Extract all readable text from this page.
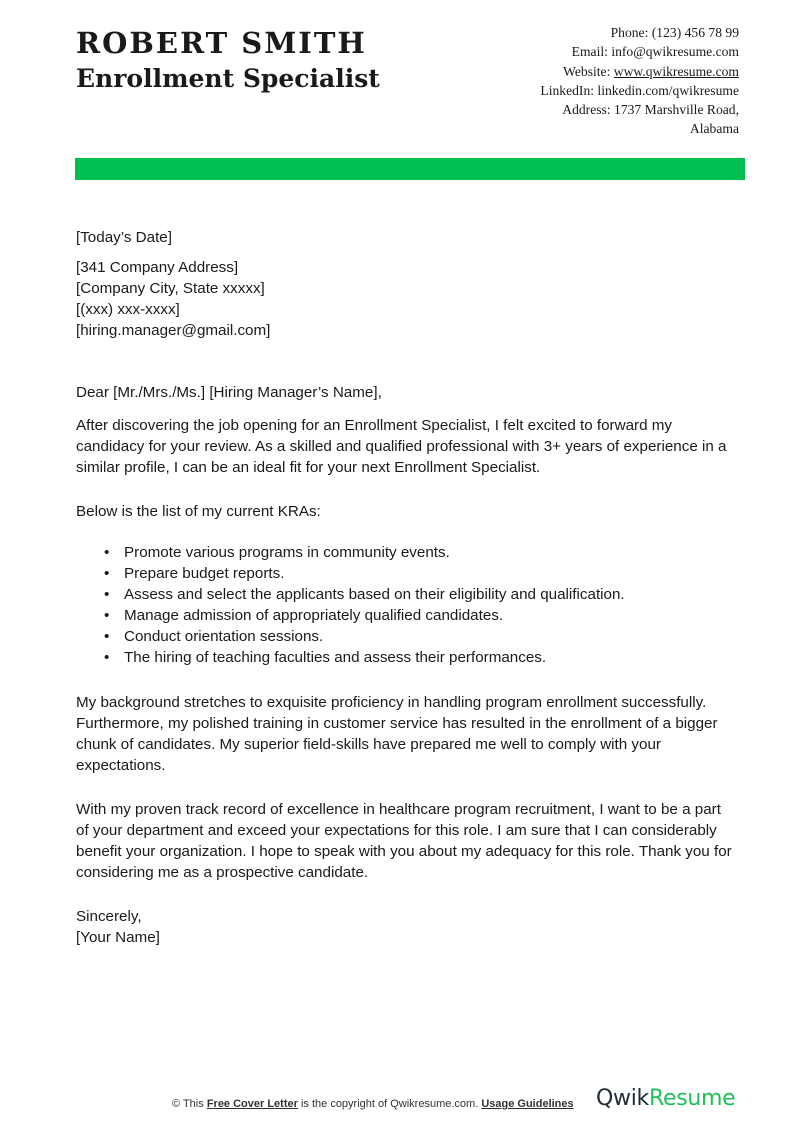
ROBERT SMITH
Enrollment Specialist
Phone: (123) 456 78 99
Email: info@qwikresume.com
Website: www.qwikresume.com
LinkedIn: linkedin.com/qwikresume
Address: 1737 Marshville Road,
Alabama
[Today’s Date]
[341 Company Address]
[Company City, State xxxxx]
[(xxx) xxx-xxxx]
[hiring.manager@gmail.com]

Dear [Mr./Mrs./Ms.] [Hiring Manager’s Name],

After discovering the job opening for an Enrollment Specialist, I felt excited to forward my candidacy for your review. As a skilled and qualified professional with 3+ years of experience in a similar profile, I can be an ideal fit for your next Enrollment Specialist.

Below is the list of my current KRAs:

• Promote various programs in community events.
• Prepare budget reports.
• Assess and select the applicants based on their eligibility and qualification.
• Manage admission of appropriately qualified candidates.
• Conduct orientation sessions.
• The hiring of teaching faculties and assess their performances.

My background stretches to exquisite proficiency in handling program enrollment successfully. Furthermore, my polished training in customer service has resulted in the enrollment of a bigger chunk of candidates. My superior field-skills have prepared me well to comply with your expectations.

With my proven track record of excellence in healthcare program recruitment, I want to be a part of your department and exceed your expectations for this role. I am sure that I can considerably benefit your organization. I hope to speak with you about my adequacy for this role. Thank you for considering me as a prospective candidate.

Sincerely,
[Your Name]
© This Free Cover Letter is the copyright of Qwikresume.com. Usage Guidelines QwikResume
